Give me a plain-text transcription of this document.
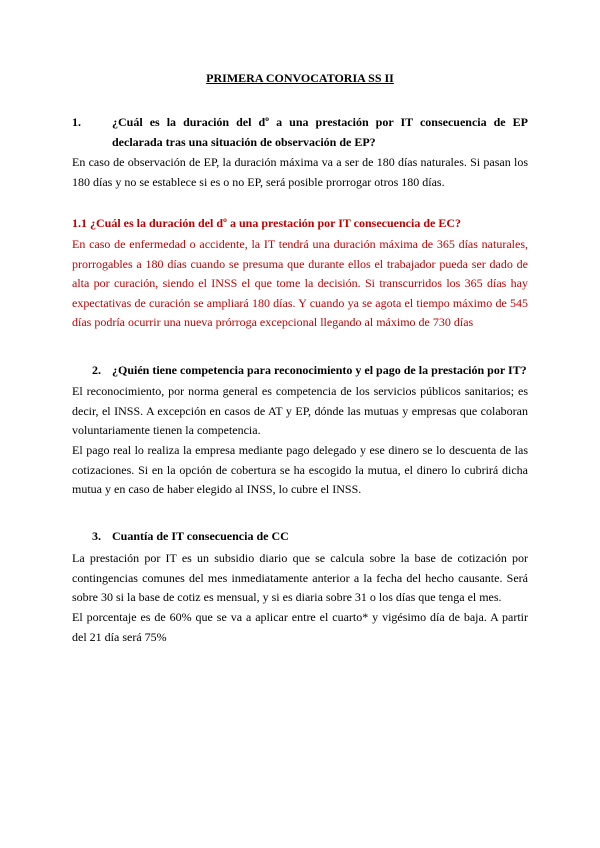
PRIMERA CONVOCATORIA SS II
1.	¿Cuál es la duración del dº a una prestación por IT consecuencia de EP declarada tras una situación de observación de EP?

En caso de observación de EP, la duración máxima va a ser de 180 días naturales. Si pasan los 180 días y no se establece si es o no EP, será posible prorrogar otros 180 días.

1.1 ¿Cuál es la duración del dº a una prestación por IT consecuencia de EC?

En caso de enfermedad o accidente, la IT tendrá una duración máxima de 365 días naturales, prorrogables a 180 días cuando se presuma que durante ellos el trabajador pueda ser dado de alta por curación, siendo el INSS el que tome la decisión. Si transcurridos los 365 días hay expectativas de curación se ampliará 180 días. Y cuando ya se agota el tiempo máximo de 545 días podría ocurrir una nueva prórroga excepcional llegando al máximo de 730 días

2. ¿Quién tiene competencia para reconocimiento y el pago de la prestación por IT?

El reconocimiento, por norma general es competencia de los servicios públicos sanitarios; es decir, el INSS. A excepción en casos de AT y EP, dónde las mutuas y empresas que colaboran voluntariamente tienen la competencia.

El pago real lo realiza la empresa mediante pago delegado y ese dinero se lo descuenta de las cotizaciones. Si en la opción de cobertura se ha escogido la mutua, el dinero lo cubrirá dicha mutua y en caso de haber elegido al INSS, lo cubre el INSS.

3. Cuantía de IT consecuencia de CC

La prestación por IT es un subsidio diario que se calcula sobre la base de cotización por contingencias comunes del mes inmediatamente anterior a la fecha del hecho causante. Será sobre 30 si la base de cotiz es mensual, y si es diaria sobre 31 o los días que tenga el mes.

El porcentaje es de 60% que se va a aplicar entre el cuarto* y vigésimo día de baja. A partir del 21 día será 75%
